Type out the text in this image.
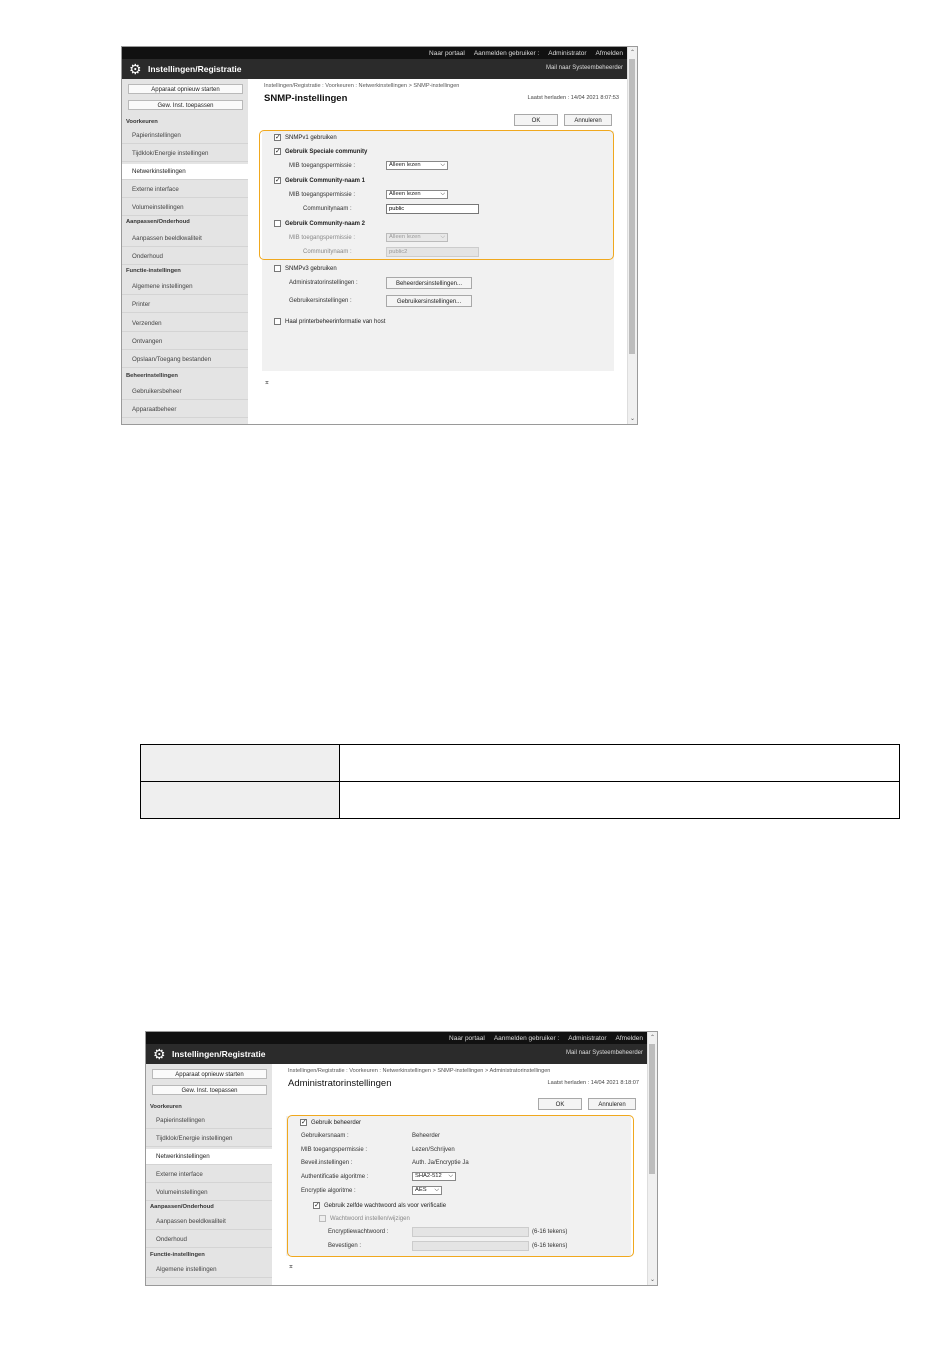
Naar portaal Aanmelden gebruiker : Administrator Afmelden
⚙ Instellingen/Registratie	Mail naar Systeembeheerder
Apparaat opnieuw starten
Gew. Inst. toepassen
Voorkeuren
Papierinstellingen
Tijdklok/Energie instellingen
Netwerkinstellingen
Externe interface
Volumeinstellingen
Aanpassen/Onderhoud
Aanpassen beeldkwaliteit
Onderhoud
Functie-instellingen
Algemene instellingen
Printer
Verzenden
Ontvangen
Opslaan/Toegang bestanden
Beheerinstellingen
Gebruikersbeheer
Apparaatbeheer
Instellingen/Registratie : Voorkeuren : Netwerkinstellingen > SNMP-instellingen
SNMP-instellingen	Laatst herladen : 14/04 2021 8:07:53
OK	Annuleren
✓ SNMPv1 gebruiken
✓ Gebruik Speciale community
MIB toegangspermissie :	Alleen lezen	⌵
✓ Gebruik Community-naam 1
MIB toegangspermissie :	Alleen lezen	⌵
Communitynaam :
public
Gebruik Community-naam 2
MIB toegangspermissie :	Alleen lezen	⌵
Communitynaam :
public2
SNMPv3 gebruiken
Administratorinstellingen :	Beheerdersinstellingen...
Gebruikersinstellingen :	Gebruikersinstellingen...
Haal printerbeheerinformatie van host
⌅
⌃
⌄

Naar portaal Aanmelden gebruiker : Administrator Afmelden
⚙ Instellingen/Registratie	Mail naar Systeembeheerder
Apparaat opnieuw starten
Gew. Inst. toepassen
Voorkeuren
Papierinstellingen
Tijdklok/Energie instellingen
Netwerkinstellingen
Externe interface
Volumeinstellingen
Aanpassen/Onderhoud
Aanpassen beeldkwaliteit
Onderhoud
Functie-instellingen
Algemene instellingen
Instellingen/Registratie : Voorkeuren : Netwerkinstellingen > SNMP-instellingen > Administratorinstellingen
Administratorinstellingen	Laatst herladen : 14/04 2021 8:18:07
OK	Annuleren
✓ Gebruik beheerder
Gebruikersnaam :	Beheerder
MIB toegangspermissie :	Lezen/Schrijven
Beveil.instellingen :	Auth. Ja/Encryptie Ja
Authentificatie algoritme :	SHA2-512 ⌵
Encryptie algoritme :	AES ⌵
✓ Gebruik zelfde wachtwoord als voor verificatie
Wachtwoord instellen/wijzigen
Encryptiewachtwoord :	(6-16 tekens)
Bevestigen :	(6-16 tekens)
⌅
⌃
⌄
